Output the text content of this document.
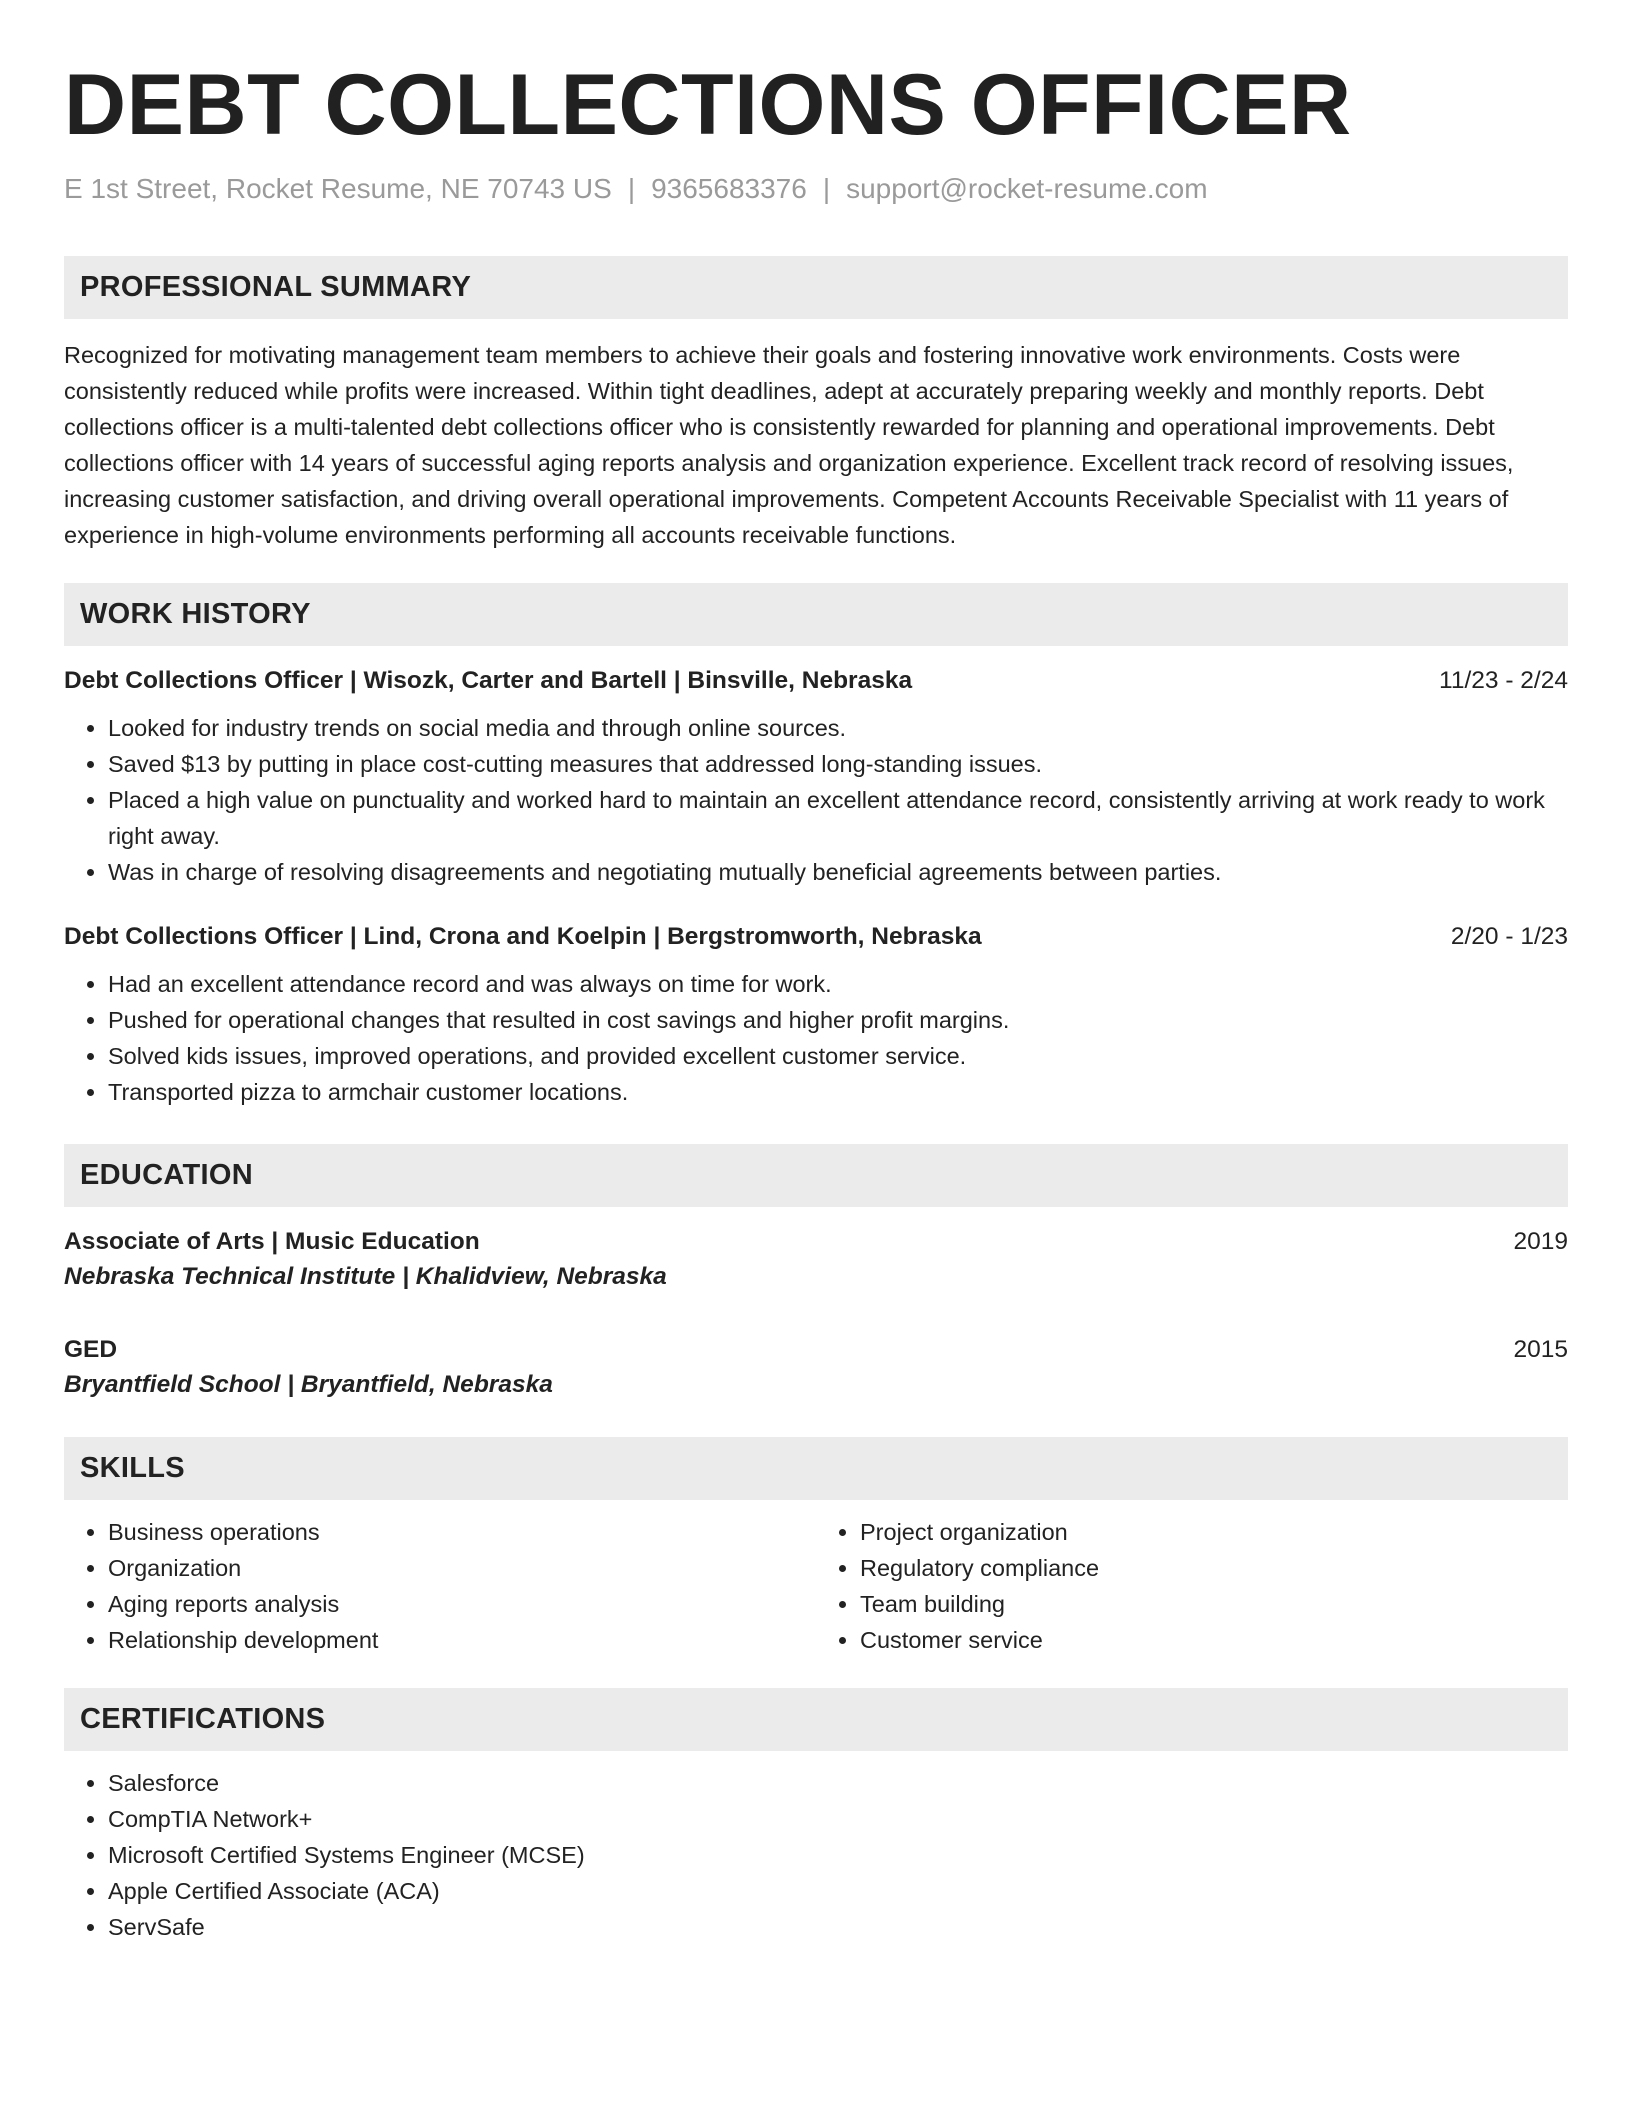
DEBT COLLECTIONS OFFICER
E 1st Street, Rocket Resume, NE 70743 US | 9365683376 | support@rocket-resume.com
PROFESSIONAL SUMMARY

Recognized for motivating management team members to achieve their goals and fostering innovative work environments. Costs were consistently reduced while profits were increased. Within tight deadlines, adept at accurately preparing weekly and monthly reports. Debt collections officer is a multi-talented debt collections officer who is consistently rewarded for planning and operational improvements. Debt collections officer with 14 years of successful aging reports analysis and organization experience. Excellent track record of resolving issues, increasing customer satisfaction, and driving overall operational improvements. Competent Accounts Receivable Specialist with 11 years of experience in high-volume environments performing all accounts receivable functions.

WORK HISTORY
Debt Collections Officer | Wisozk, Carter and Bartell | Binsville, Nebraska	11/23 - 2/24
• Looked for industry trends on social media and through online sources.
• Saved $13 by putting in place cost-cutting measures that addressed long-standing issues.
• Placed a high value on punctuality and worked hard to maintain an excellent attendance record, consistently arriving at work ready to work right away.
• Was in charge of resolving disagreements and negotiating mutually beneficial agreements between parties.
Debt Collections Officer | Lind, Crona and Koelpin | Bergstromworth, Nebraska	2/20 - 1/23
• Had an excellent attendance record and was always on time for work.
• Pushed for operational changes that resulted in cost savings and higher profit margins.
• Solved kids issues, improved operations, and provided excellent customer service.
• Transported pizza to armchair customer locations.
EDUCATION
Associate of Arts | Music Education	2019
Nebraska Technical Institute | Khalidview, Nebraska
GED	2015
Bryantfield School | Bryantfield, Nebraska
SKILLS
• Business operations
• Organization
• Aging reports analysis
• Relationship development
• Project organization
• Regulatory compliance
• Team building
• Customer service
CERTIFICATIONS
• Salesforce
• CompTIA Network+
• Microsoft Certified Systems Engineer (MCSE)
• Apple Certified Associate (ACA)
• ServSafe
